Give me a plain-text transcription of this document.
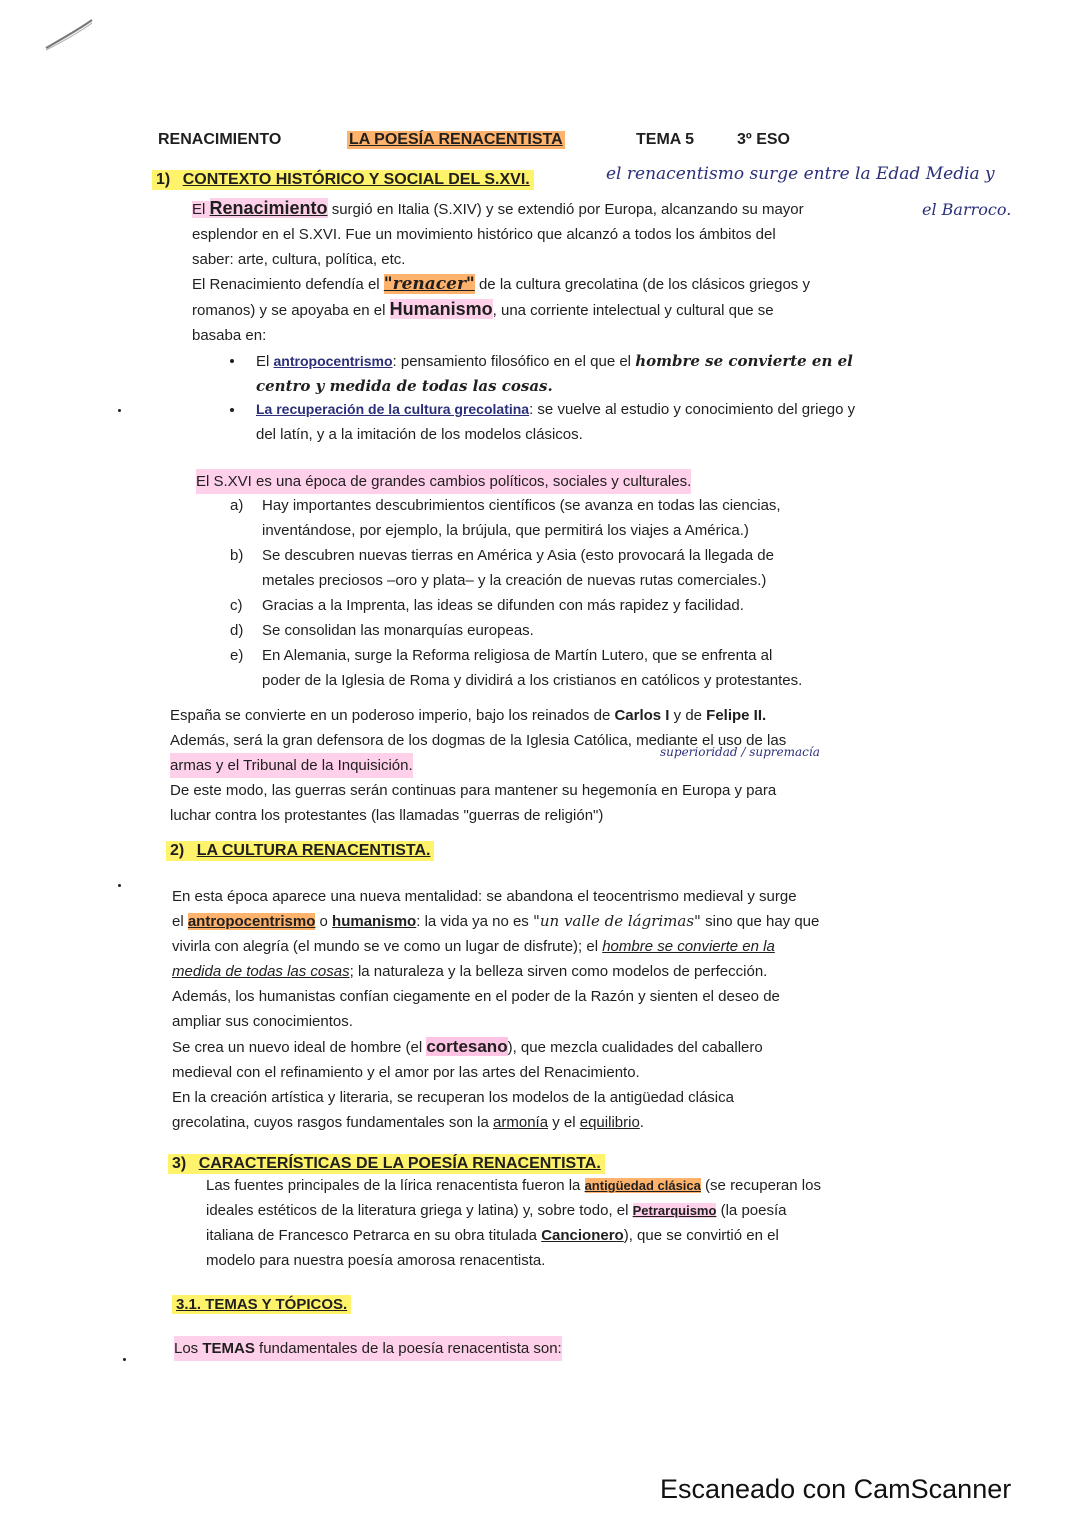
RENACIMIENTO	LA POESÍA RENACENTISTA	TEMA 5	3º ESO
1) CONTEXTO HISTÓRICO Y SOCIAL DEL S.XVI.	el renacentismo surge entre la Edad Media y
el Barroco.
El Renacimiento surgió en Italia (S.XIV) y se extendió por Europa, alcanzando su mayor
esplendor en el S.XVI. Fue un movimiento histórico que alcanzó a todos los ámbitos del
saber: arte, cultura, política, etc.
El Renacimiento defendía el "renacer" de la cultura grecolatina (de los clásicos griegos y
romanos) y se apoyaba en el Humanismo, una corriente intelectual y cultural que se
basaba en:
El antropocentrismo: pensamiento filosófico en el que el hombre se convierte en el
centro y medida de todas las cosas.
La recuperación de la cultura grecolatina: se vuelve al estudio y conocimiento del griego y
del latín, y a la imitación de los modelos clásicos.
El S.XVI es una época de grandes cambios políticos, sociales y culturales.
a) Hay importantes descubrimientos científicos (se avanza en todas las ciencias,
inventándose, por ejemplo, la brújula, que permitirá los viajes a América.)
b) Se descubren nuevas tierras en América y Asia (esto provocará la llegada de
metales preciosos –oro y plata– y la creación de nuevas rutas comerciales.)
c) Gracias a la Imprenta, las ideas se difunden con más rapidez y facilidad.
d) Se consolidan las monarquías europeas.
e) En Alemania, surge la Reforma religiosa de Martín Lutero, que se enfrenta al
poder de la Iglesia de Roma y dividirá a los cristianos en católicos y protestantes.
España se convierte en un poderoso imperio, bajo los reinados de Carlos I y de Felipe II.
Además, será la gran defensora de los dogmas de la Iglesia Católica, mediante el uso de las
armas y el Tribunal de la Inquisición.
De este modo, las guerras serán continuas para mantener su hegemonía en Europa y para
luchar contra los protestantes (las llamadas "guerras de religión")
superioridad / supremacía
2) LA CULTURA RENACENTISTA.
En esta época aparece una nueva mentalidad: se abandona el teocentrismo medieval y surge
el antropocentrismo o humanismo: la vida ya no es "un valle de lágrimas" sino que hay que
vivirla con alegría (el mundo se ve como un lugar de disfrute); el hombre se convierte en la
medida de todas las cosas; la naturaleza y la belleza sirven como modelos de perfección.
Además, los humanistas confían ciegamente en el poder de la Razón y sienten el deseo de
ampliar sus conocimientos.
Se crea un nuevo ideal de hombre (el cortesano), que mezcla cualidades del caballero
medieval con el refinamiento y el amor por las artes del Renacimiento.
En la creación artística y literaria, se recuperan los modelos de la antigüedad clásica
grecolatina, cuyos rasgos fundamentales son la armonía y el equilibrio.
3) CARACTERÍSTICAS DE LA POESÍA RENACENTISTA.
Las fuentes principales de la lírica renacentista fueron la antigüedad clásica (se recuperan los
ideales estéticos de la literatura griega y latina) y, sobre todo, el Petrarquismo (la poesía
italiana de Francesco Petrarca en su obra titulada Cancionero), que se convirtió en el
modelo para nuestra poesía amorosa renacentista.
3.1. TEMAS Y TÓPICOS.
Los TEMAS fundamentales de la poesía renacentista son:
Escaneado con CamScanner
